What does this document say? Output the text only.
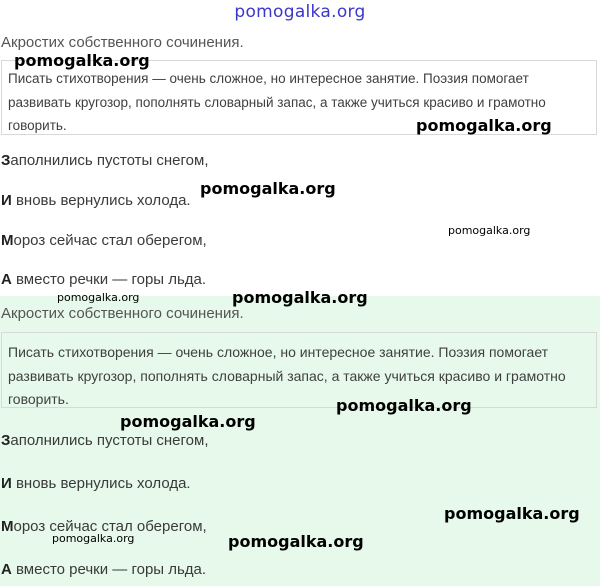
pomogalka.org
Акростих собственного сочинения.
Писать стихотворения — очень сложное, но интересное занятие. Поэзия помогает развивать кругозор, пополнять словарный запас, а также учиться красиво и грамотно говорить.
Заполнились пустоты снегом,
И вновь вернулись холода.
Мороз сейчас стал оберегом,
А вместо речки — горы льда.
Акростих собственного сочинения.
Писать стихотворения — очень сложное, но интересное занятие. Поэзия помогает развивать кругозор, пополнять словарный запас, а также учиться красиво и грамотно говорить.
Заполнились пустоты снегом,
И вновь вернулись холода.
Мороз сейчас стал оберегом,
А вместо речки — горы льда.
pomogalka.org
pomogalka.org
pomogalka.org
pomogalka.org
pomogalka.org	pomogalka.org
pomogalka.org
pomogalka.org
pomogalka.org
pomogalka.org	pomogalka.org
